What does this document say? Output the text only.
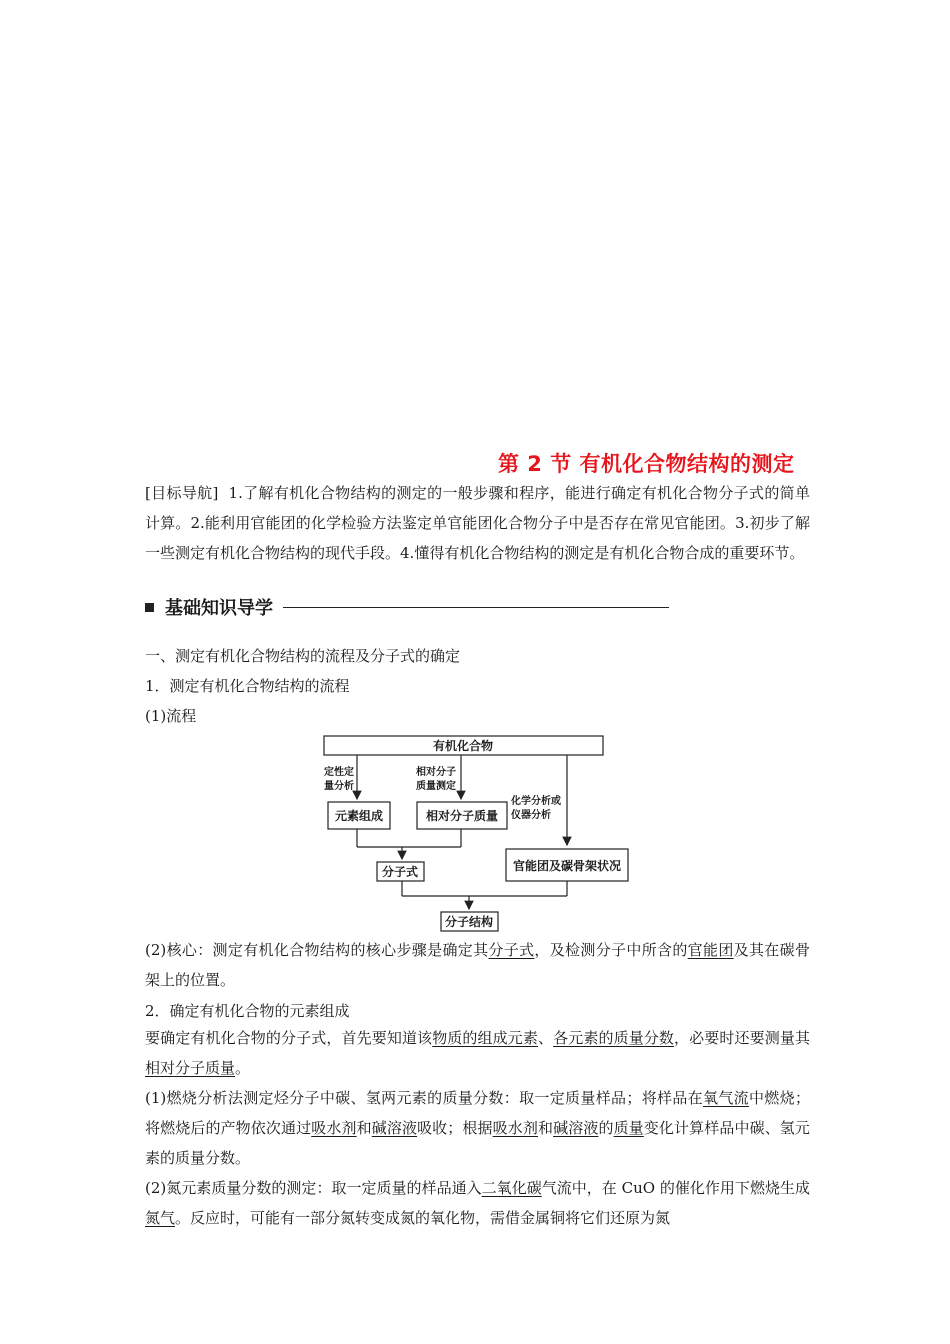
第 2 节 有机化合物结构的测定
[目标导航] 1.了解有机化合物结构的测定的一般步骤和程序，能进行确定有机化合物分子式的简单计算。2.能利用官能团的化学检验方法鉴定单官能团化合物分子中是否存在常见官能团。3.初步了解一些测定有机化合物结构的现代手段。4.懂得有机化合物结构的测定是有机化合物合成的重要环节。
基础知识导学
一、测定有机化合物结构的流程及分子式的确定
1．测定有机化合物结构的流程
(1)流程
有机化合物
元素组成	相对分子质量
分子式	官能团及碳骨架状况
分子结构
定性定
量分析
相对分子
质量测定
化学分析或
仪器分析
(2)核心：测定有机化合物结构的核心步骤是确定其分子式，及检测分子中所含的官能团及其在碳骨架上的位置。
2．确定有机化合物的元素组成
要确定有机化合物的分子式，首先要知道该物质的组成元素、各元素的质量分数，必要时还要测量其相对分子质量。
(1)燃烧分析法测定烃分子中碳、氢两元素的质量分数：取一定质量样品；将样品在氧气流中燃烧；将燃烧后的产物依次通过吸水剂和碱溶液吸收；根据吸水剂和碱溶液的质量变化计算样品中碳、氢元素的质量分数。
(2)氮元素质量分数的测定：取一定质量的样品通入二氧化碳气流中，在 CuO 的催化作用下燃烧生成氮气。反应时，可能有一部分氮转变成氮的氧化物，需借金属铜将它们还原为氮
